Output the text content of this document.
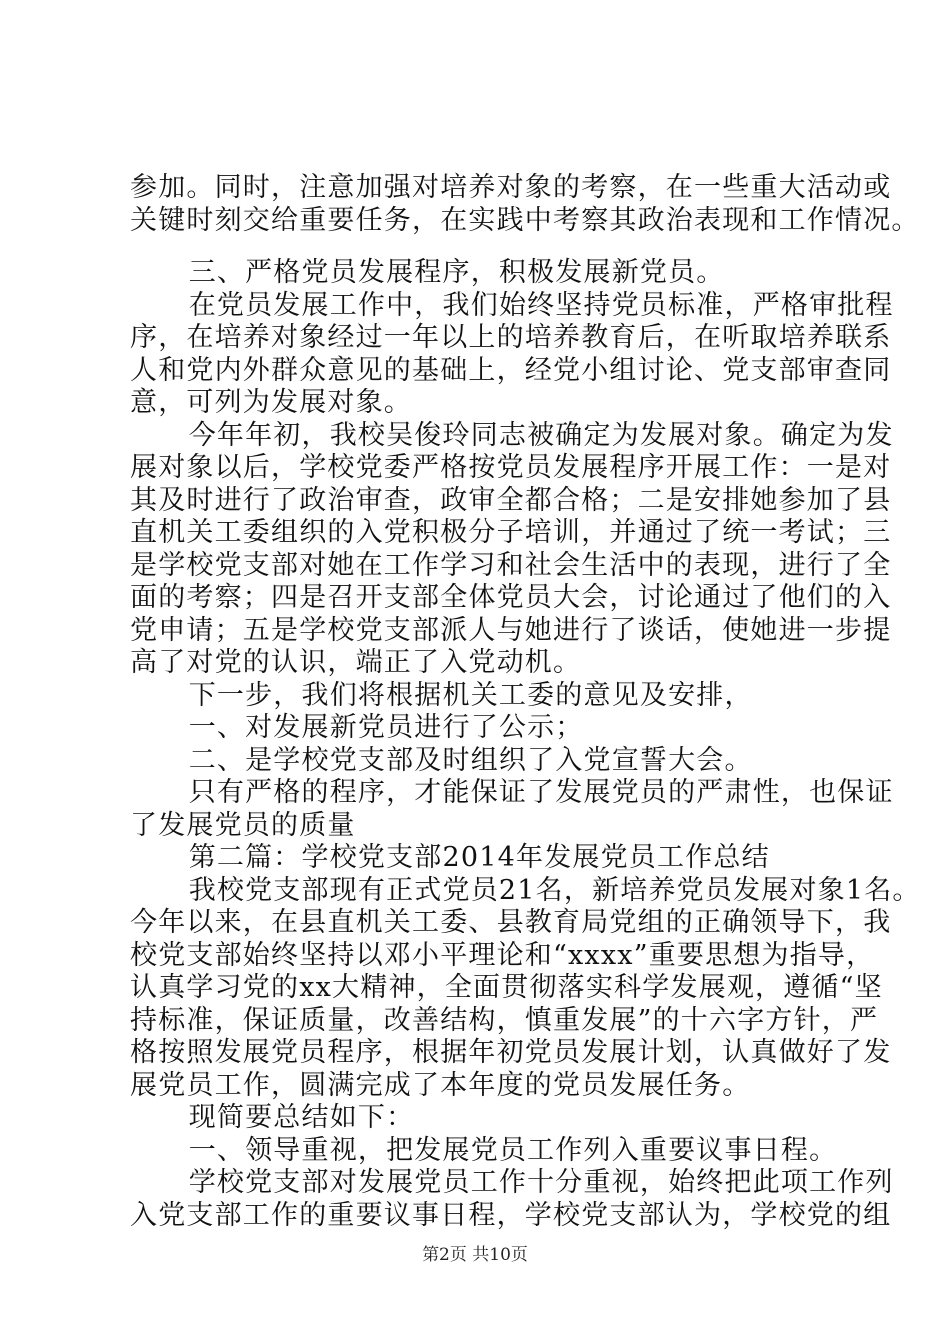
参加。同时，注意加强对培养对象的考察，在一些重大活动或
关键时刻交给重要任务，在实践中考察其政治表现和工作情况。
三、严格党员发展程序，积极发展新党员。
在党员发展工作中，我们始终坚持党员标准，严格审批程
序，在培养对象经过一年以上的培养教育后，在听取培养联系
人和党内外群众意见的基础上，经党小组讨论、党支部审查同
意，可列为发展对象。
今年年初，我校吴俊玲同志被确定为发展对象。确定为发
展对象以后，学校党委严格按党员发展程序开展工作：一是对
其及时进行了政治审查，政审全都合格；二是安排她参加了县
直机关工委组织的入党积极分子培训，并通过了统一考试；三
是学校党支部对她在工作学习和社会生活中的表现，进行了全
面的考察；四是召开支部全体党员大会，讨论通过了他们的入
党申请；五是学校党支部派人与她进行了谈话，使她进一步提
高了对党的认识，端正了入党动机。
下一步，我们将根据机关工委的意见及安排，
一、对发展新党员进行了公示；
二、是学校党支部及时组织了入党宣誓大会。
只有严格的程序，才能保证了发展党员的严肃性，也保证
了发展党员的质量
第二篇：学校党支部2014年发展党员工作总结
我校党支部现有正式党员21名，新培养党员发展对象1名。
今年以来，在县直机关工委、县教育局党组的正确领导下，我
校党支部始终坚持以邓小平理论和“xxxx”重要思想为指导，
认真学习党的xx大精神，全面贯彻落实科学发展观，遵循“坚
持标准，保证质量，改善结构，慎重发展”的十六字方针，严
格按照发展党员程序，根据年初党员发展计划，认真做好了发
展党员工作，圆满完成了本年度的党员发展任务。
现简要总结如下：
一、领导重视，把发展党员工作列入重要议事日程。
学校党支部对发展党员工作十分重视，始终把此项工作列
入党支部工作的重要议事日程，学校党支部认为，学校党的组
第2页 共10页
